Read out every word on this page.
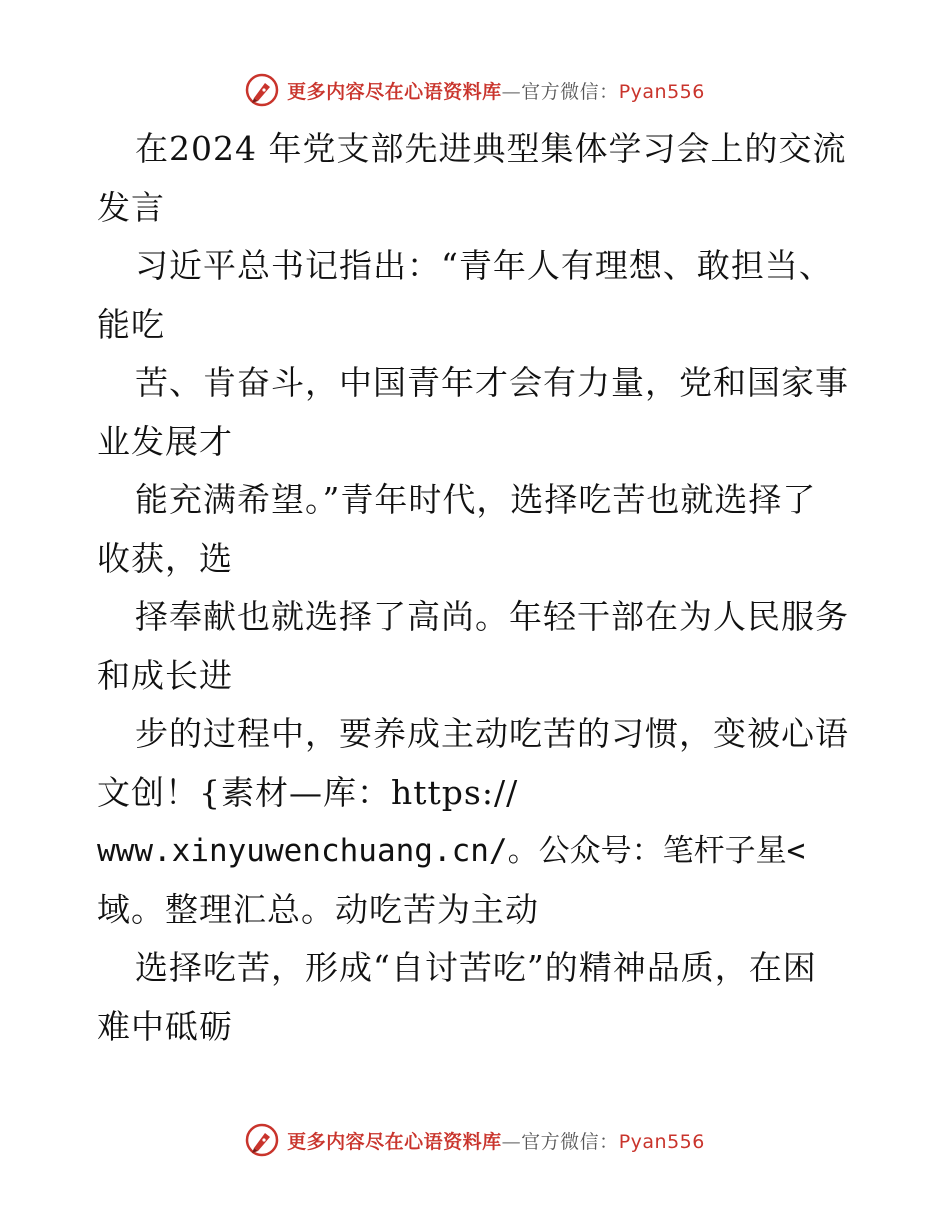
更多内容尽在心语资料库—官方微信：Pyan556
在2024 年党支部先进典型集体学习会上的交流
发言
习近平总书记指出：“青年人有理想、敢担当、
能吃
苦、肯奋斗，中国青年才会有力量，党和国家事
业发展才
能充满希望。”青年时代，选择吃苦也就选择了
收获，选
择奉献也就选择了高尚。年轻干部在为人民服务
和成长进
步的过程中，要养成主动吃苦的习惯，变被心语
文创！{素材—库：https://
www.xinyuwenchuang.cn/。公众号：笔杆子星<
域。整理汇总。动吃苦为主动
选择吃苦，形成“自讨苦吃”的精神品质，在困
难中砥砺
更多内容尽在心语资料库—官方微信：Pyan556
